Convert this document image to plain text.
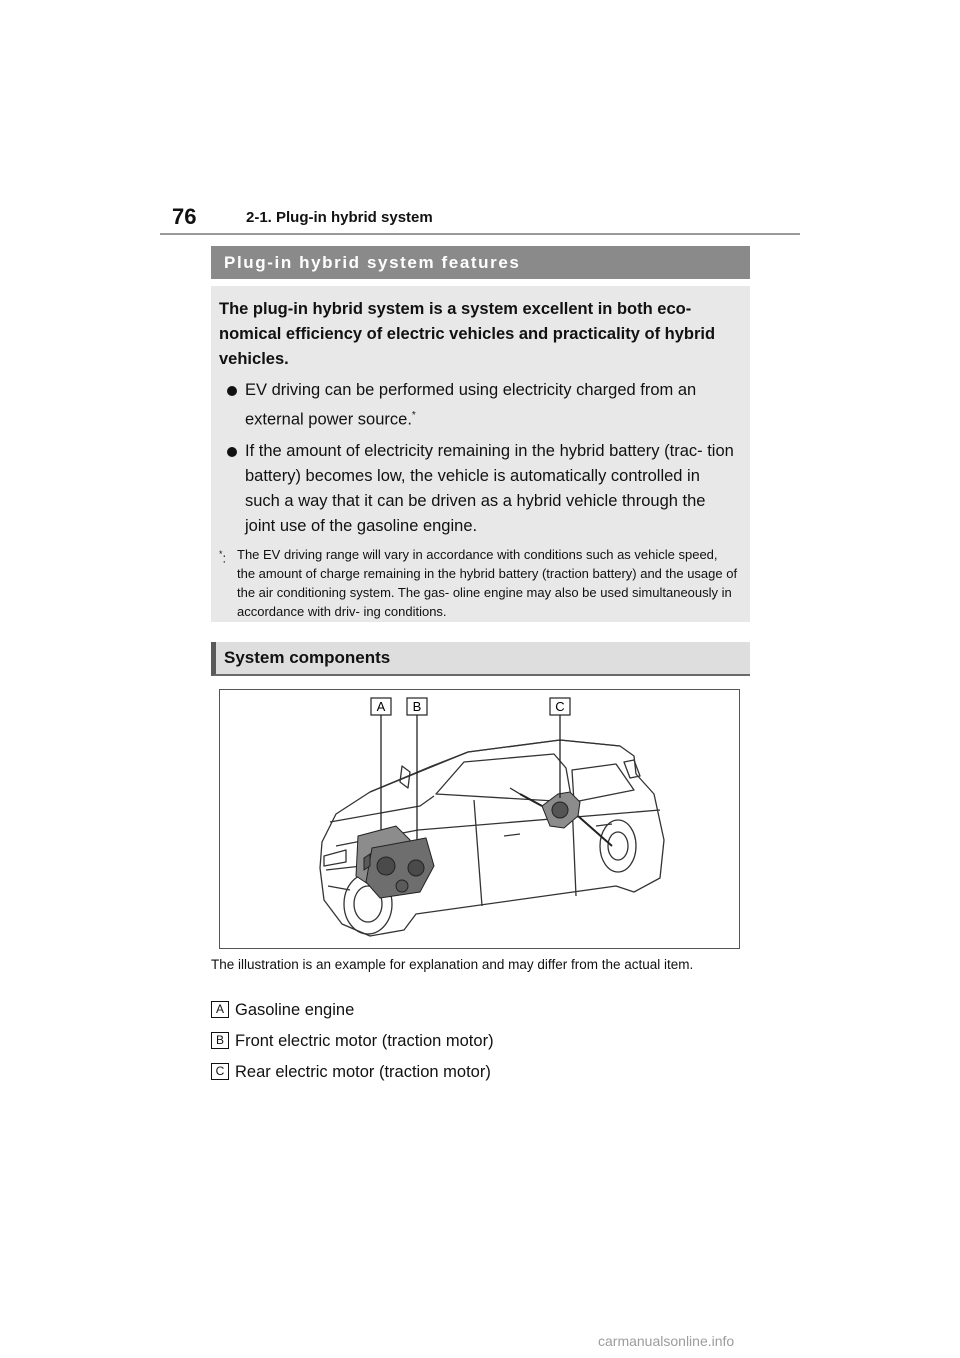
76	2-1. Plug-in hybrid system
Plug-in hybrid system features

The plug-in hybrid system is a system excellent in both eco- nomical efficiency of electric vehicles and practicality of hybrid vehicles.

EV driving can be performed using electricity charged from an external power source.*
If the amount of electricity remaining in the hybrid battery (trac- tion battery) becomes low, the vehicle is automatically controlled in such a way that it can be driven as a hybrid vehicle through the joint use of the gasoline engine.
*: The EV driving range will vary in accordance with conditions such as vehicle speed, the amount of charge remaining in the hybrid battery (traction battery) and the usage of the air conditioning system. The gas- oline engine may also be used simultaneously in accordance with driv- ing conditions.
System components
A B	C
The illustration is an example for explanation and may differ from the actual item.
A Gasoline engine
B Front electric motor (traction motor)
C Rear electric motor (traction motor)
carmanualsonline.info
